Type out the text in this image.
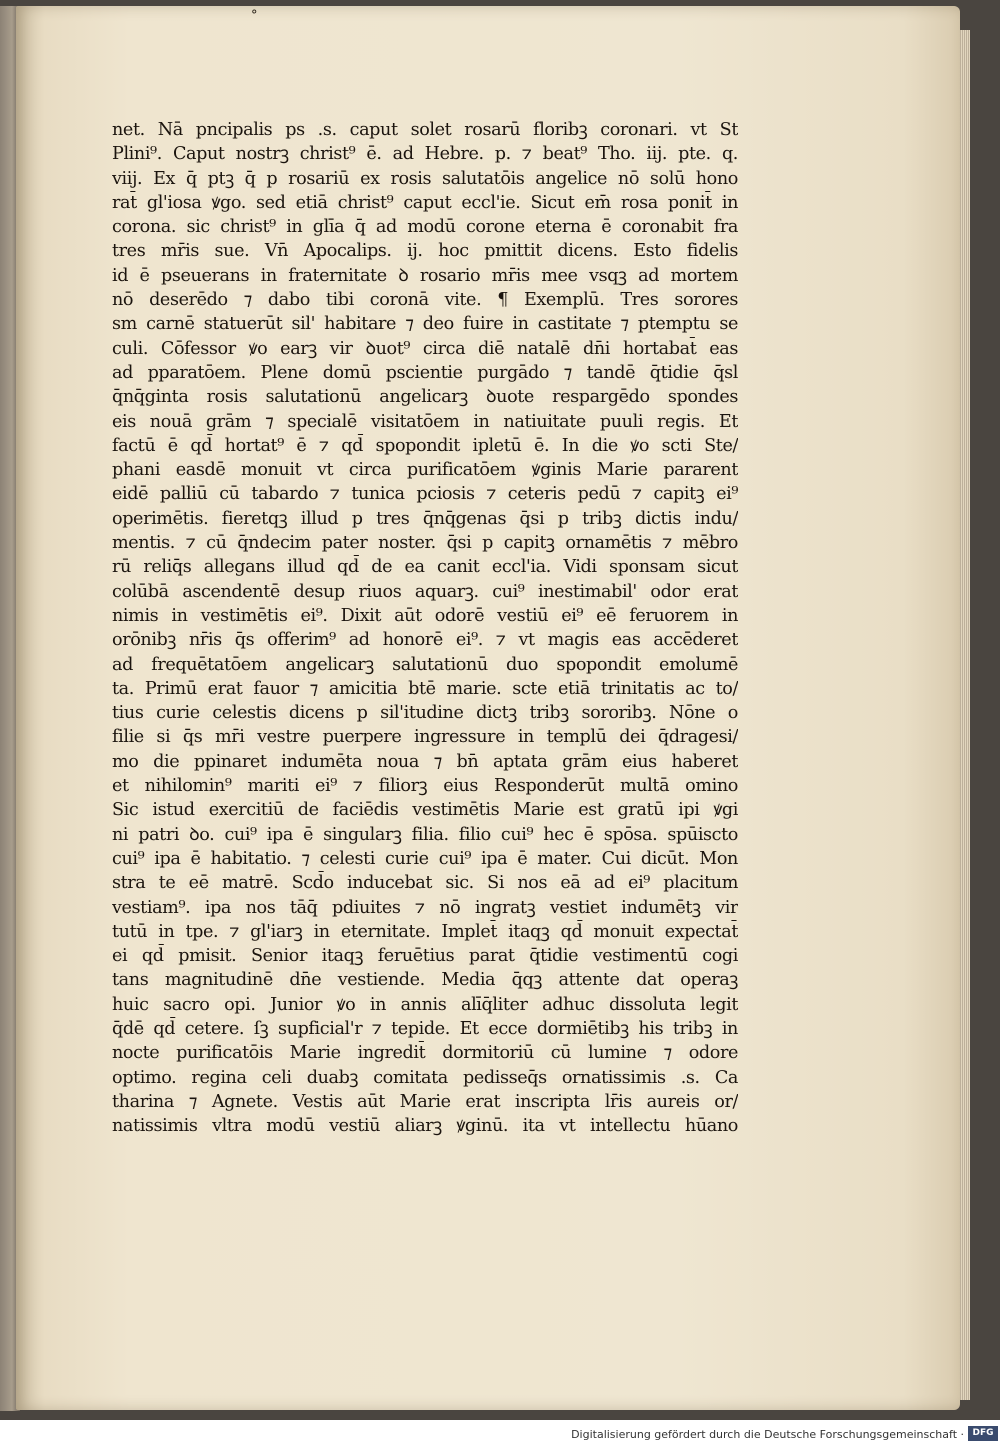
°
net. Nā pncipalis ps .s. caput solet rosarū floribꝫ coronari. vt St
Plini⁹. Caput nostrꝫ christ⁹ ē. ad Hebre. p. ⁊ beat⁹ Tho. iij. pte. q.
viij. Ex q̄ ptꝫ q̄ p rosariū ex rosis salutatōis angelice nō solū hono
rat̄ gl'iosa ꝟgo. sed etiā christ⁹ caput eccl'ie. Sicut em̄ rosa ponit̄ in
corona. sic christ⁹ in glīa q̄ ad modū corone eterna ē coronabit fra
tres mr̄is sue. Vn̄ Apocalips. ij. hoc pmittit dicens. Esto fidelis
id ē pseuerans in fraternitate ꝺ rosario mr̄is mee vsqꝫ ad mortem
nō deserēdo ⁊ dabo tibi coronā vite. ¶ Exemplū. Tres sorores
sm carnē statuerūt sil' habitare ⁊ deo fuire in castitate ⁊ ptemptu se
culi. Cōfessor ꝟo earꝫ vir ꝺuot⁹ circa diē natalē dn̄i hortabat̄ eas
ad pparatōem. Plene domū pscientie purgādo ⁊ tandē q̄tidie q̄sl
q̄nq̄ginta rosis salutationū angelicarꝫ ꝺuote respargēdo spondes
eis nouā grām ⁊ specialē visitatōem in natiuitate puuli regis. Et
factū ē qd̄ hortat⁹ ē ⁊ qd̄ spopondit ipletū ē. In die ꝟo scti Ste/
phani easdē monuit vt circa purificatōem ꝟginis Marie pararent
eidē palliū cū tabardo ⁊ tunica pciosis ⁊ ceteris pedū ⁊ capitꝫ ei⁹
operimētis. fieretqꝫ illud p tres q̄nq̄genas q̄si p tribꝫ dictis indu/
mentis. ⁊ cū q̄ndecim pater noster. q̄si p capitꝫ ornamētis ⁊ mēbro
rū reliq̄s allegans illud qd̄ de ea canit eccl'ia. Vidi sponsam sicut
colūbā ascendentē desup riuos aquarꝫ. cui⁹ inestimabil' odor erat
nimis in vestimētis ei⁹. Dixit aūt odorē vestiū ei⁹ eē feruorem in
orōnibꝫ nr̄is q̄s offerim⁹ ad honorē ei⁹. ⁊ vt magis eas accēderet
ad frequētatōem angelicarꝫ salutationū duo spopondit emolumē
ta. Primū erat fauor ⁊ amicitia btē marie. scte etiā trinitatis ac to/
tius curie celestis dicens p sil'itudine dictꝫ tribꝫ sororibꝫ. Nōne o
filie si q̄s mr̄i vestre puerpere ingressure in templū dei q̄dragesi/
mo die ppinaret indumēta noua ⁊ bn̄ aptata grām eius haberet
et nihilomin⁹ mariti ei⁹ ⁊ filiorꝫ eius Responderūt multā omino
Sic istud exercitiū de faciēdis vestimētis Marie est gratū ipi ꝟgi
ni patri ꝺo. cui⁹ ipa ē singularꝫ filia. filio cui⁹ hec ē spōsa. spūiscto
cui⁹ ipa ē habitatio. ⁊ celesti curie cui⁹ ipa ē mater. Cui dicūt. Mon
stra te eē matrē. Scd̄o inducebat sic. Si nos eā ad ei⁹ placitum
vestiam⁹. ipa nos tāq̄ pdiuites ⁊ nō ingratꝫ vestiet indumētꝫ vir
tutū in tpe. ⁊ gl'iarꝫ in eternitate. Implet̄ itaqꝫ qd̄ monuit expectat̄
ei qd̄ pmisit. Senior itaqꝫ feruētius parat q̄tidie vestimentū cogi
tans magnitudinē dn̄e vestiende. Media q̄qꝫ attente dat operaꝫ
huic sacro opi. Junior ꝟo in annis alīq̄liter adhuc dissoluta legit
q̄dē qd̄ cetere. ſꝫ supficial'r ⁊ tepide. Et ecce dormiētibꝫ his tribꝫ in
nocte purificatōis Marie ingredit̄ dormitoriū cū lumine ⁊ odore
optimo. regina celi duabꝫ comitata pedisseq̄s ornatissimis .s. Ca
tharina ⁊ Agnete. Vestis aūt Marie erat inscripta lr̄is aureis or/
natissimis vltra modū vestiū aliarꝫ ꝟginū. ita vt intellectu hūano
Digitalisierung gefördert durch die Deutsche Forschungsgemeinschaft · DFG
